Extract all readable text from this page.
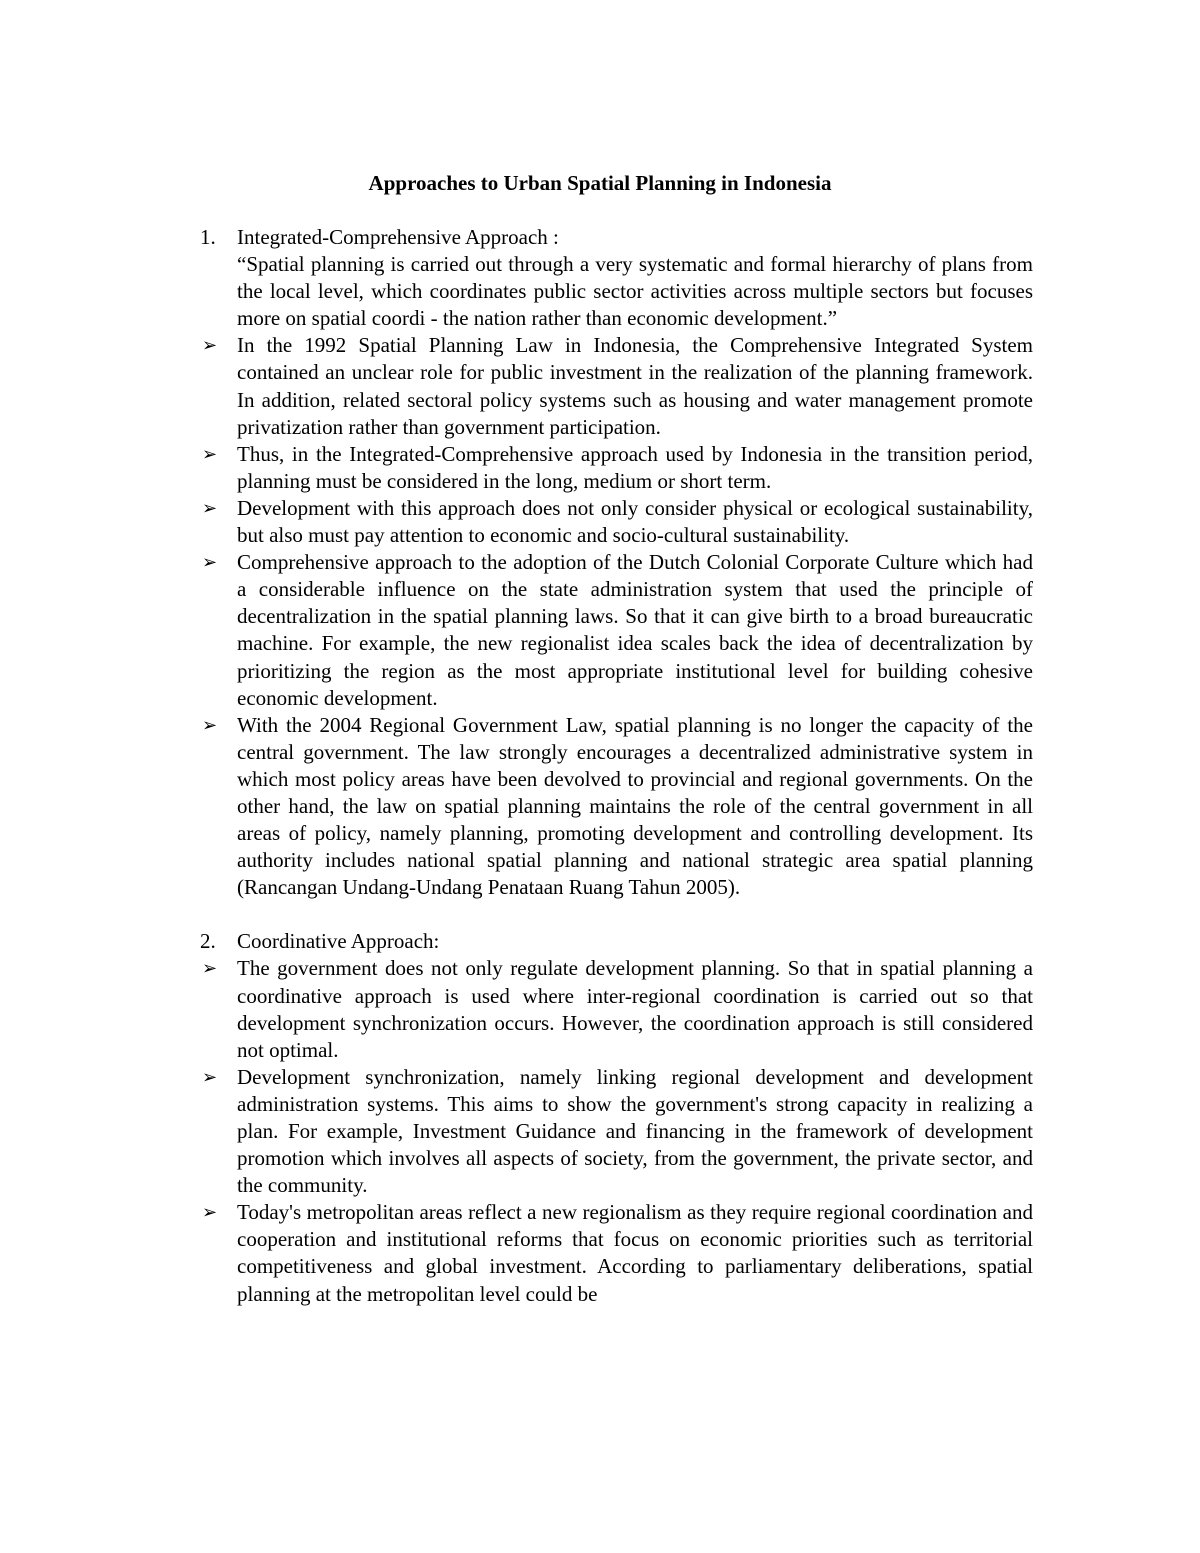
Approaches to Urban Spatial Planning in Indonesia

1. Integrated-Comprehensive Approach :

“Spatial planning is carried out through a very systematic and formal hierarchy of plans from the local level, which coordinates public sector activities across multiple sectors but focuses more on spatial coordi - the nation rather than economic development.”

➢ In the 1992 Spatial Planning Law in Indonesia, the Comprehensive Integrated System contained an unclear role for public investment in the realization of the planning framework. In addition, related sectoral policy systems such as housing and water management promote privatization rather than government participation.

➢ Thus, in the Integrated-Comprehensive approach used by Indonesia in the transition period, planning must be considered in the long, medium or short term.

➢ Development with this approach does not only consider physical or ecological sustainability, but also must pay attention to economic and socio-cultural sustainability.

➢ Comprehensive approach to the adoption of the Dutch Colonial Corporate Culture which had a considerable influence on the state administration system that used the principle of decentralization in the spatial planning laws. So that it can give birth to a broad bureaucratic machine. For example, the new regionalist idea scales back the idea of decentralization by prioritizing the region as the most appropriate institutional level for building cohesive economic development.

➢ With the 2004 Regional Government Law, spatial planning is no longer the capacity of the central government. The law strongly encourages a decentralized administrative system in which most policy areas have been devolved to provincial and regional governments. On the other hand, the law on spatial planning maintains the role of the central government in all areas of policy, namely planning, promoting development and controlling development. Its authority includes national spatial planning and national strategic area spatial planning (Rancangan Undang-Undang Penataan Ruang Tahun 2005).

2. Coordinative Approach:

➢ The government does not only regulate development planning. So that in spatial planning a coordinative approach is used where inter-regional coordination is carried out so that development synchronization occurs. However, the coordination approach is still considered not optimal.

➢ Development synchronization, namely linking regional development and development administration systems. This aims to show the government's strong capacity in realizing a plan. For example, Investment Guidance and financing in the framework of development promotion which involves all aspects of society, from the government, the private sector, and the community.

➢ Today's metropolitan areas reflect a new regionalism as they require regional coordination and cooperation and institutional reforms that focus on economic priorities such as territorial competitiveness and global investment. According to parliamentary deliberations, spatial planning at the metropolitan level could be
